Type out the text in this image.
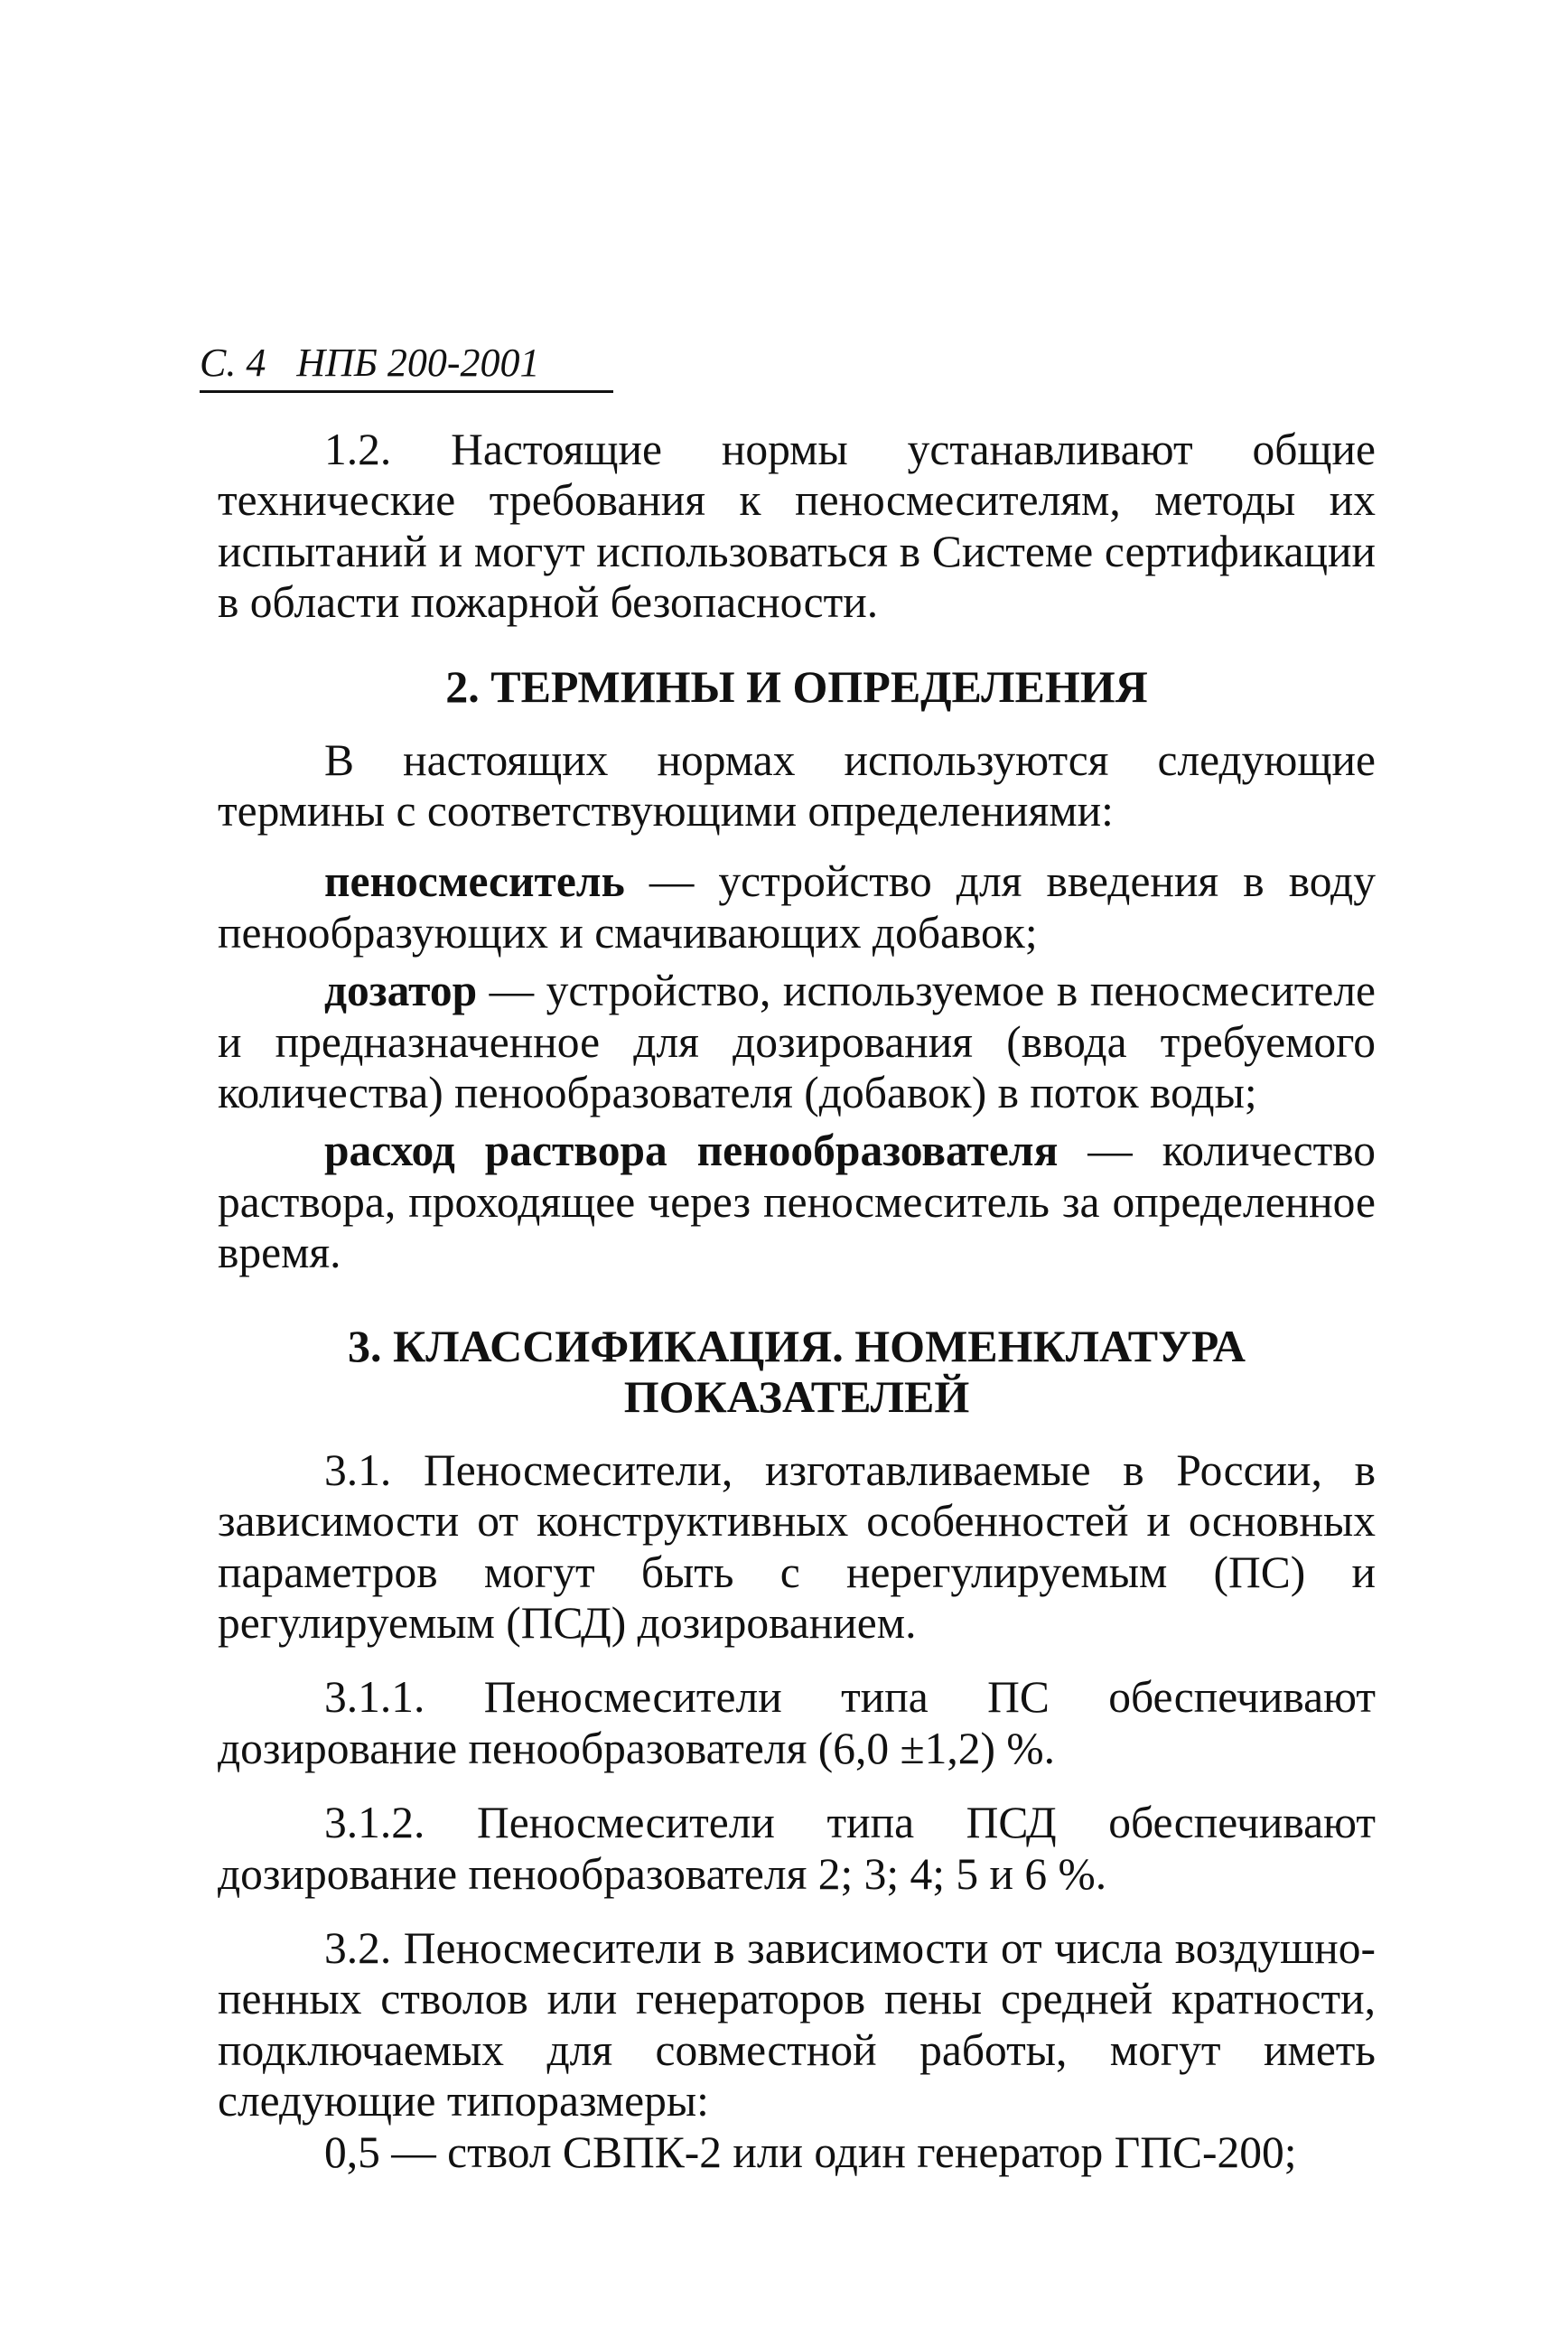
С. 4 НПБ 200-2001

1.2. Настоящие нормы устанавливают общие технические требования к пеносмесителям, методы их испытаний и могут использоваться в Системе сертификации в области пожарной безопасности.

2. ТЕРМИНЫ И ОПРЕДЕЛЕНИЯ

В настоящих нормах используются следующие термины с соответствующими определениями:

пеносмеситель — устройство для введения в воду пенообразующих и смачивающих добавок;

дозатор — устройство, используемое в пеносмесителе и предназначенное для дозирования (ввода требуемого количества) пенообразователя (добавок) в поток воды;

расход раствора пенообразователя — количество раствора, проходящее через пеносмеситель за определенное время.

3. КЛАССИФИКАЦИЯ. НОМЕНКЛАТУРА
ПОКАЗАТЕЛЕЙ

3.1. Пеносмесители, изготавливаемые в России, в зависимости от конструктивных особенностей и основных параметров могут быть с нерегулируемым (ПС) и регулируемым (ПСД) дозированием.

3.1.1. Пеносмесители типа ПС обеспечивают дозирование пенообразователя (6,0 ±1,2) %.

3.1.2. Пеносмесители типа ПСД обеспечивают дозирование пенообразователя 2; 3; 4; 5 и 6 %.

3.2. Пеносмесители в зависимости от числа воздушно-пенных стволов или генераторов пены средней кратности, подключаемых для совместной работы, могут иметь следующие типоразмеры:

0,5 — ствол СВПК-2 или один генератор ГПС-200;
